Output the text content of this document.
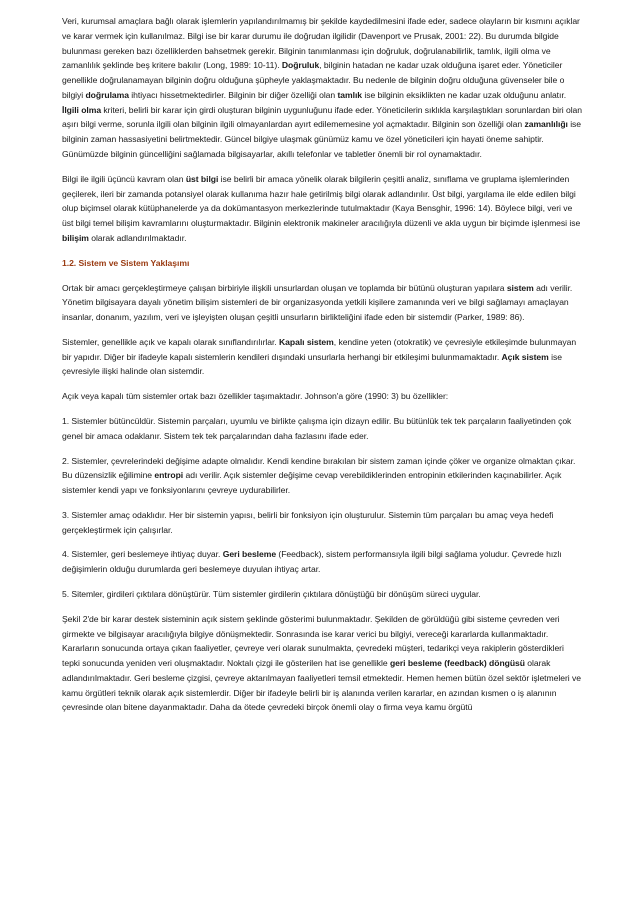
Veri, kurumsal amaçlara bağlı olarak işlemlerin yapılandırılmamış bir şekilde kaydedilmesini ifade eder, sadece olayların bir kısmını açıklar ve karar vermek için kullanılmaz. Bilgi ise bir karar durumu ile doğrudan ilgilidir (Davenport ve Prusak, 2001: 22). Bu durumda bilgide bulunması gereken bazı özelliklerden bahsetmek gerekir. Bilginin tanımlanması için doğruluk, doğrulanabilirlik, tamlık, ilgili olma ve zamanlılık şeklinde beş kritere bakılır (Long, 1989: 10-11). Doğruluk, bilginin hatadan ne kadar uzak olduğuna işaret eder. Yöneticiler genellikle doğrulanamayan bilginin doğru olduğuna şüpheyle yaklaşmaktadır. Bu nedenle de bilginin doğru olduğuna güvenseler bile o bilgiyi doğrulama ihtiyacı hissetmektedirler. Bilginin bir diğer özelliği olan tamlık ise bilginin eksiklikten ne kadar uzak olduğunu anlatır. İlgili olma kriteri, belirli bir karar için girdi oluşturan bilginin uygunluğunu ifade eder. Yöneticilerin sıklıkla karşılaştıkları sorunlardan biri olan aşırı bilgi verme, sorunla ilgili olan bilginin ilgili olmayanlardan ayırt edilememesine yol açmaktadır. Bilginin son özelliği olan zamanlılığı ise bilginin zaman hassasiyetini belirtmektedir. Güncel bilgiye ulaşmak günümüz kamu ve özel yöneticileri için hayati öneme sahiptir. Günümüzde bilginin güncelliğini sağlamada bilgisayarlar, akıllı telefonlar ve tabletler önemli bir rol oynamaktadır.

Bilgi ile ilgili üçüncü kavram olan üst bilgi ise belirli bir amaca yönelik olarak bilgilerin çeşitli analiz, sınıflama ve gruplama işlemlerinden geçilerek, ileri bir zamanda potansiyel olarak kullanıma hazır hale getirilmiş bilgi olarak adlandırılır. Üst bilgi, yargılama ile elde edilen bilgi olup biçimsel olarak kütüphanelerde ya da dokümantasyon merkezlerinde tutulmaktadır (Kaya Bensghir, 1996: 14). Böylece bilgi, veri ve üst bilgi temel bilişim kavramlarını oluşturmaktadır. Bilginin elektronik makineler aracılığıyla düzenli ve akla uygun bir biçimde işlenmesi ise bilişim olarak adlandırılmaktadır.

1.2. Sistem ve Sistem Yaklaşımı

Ortak bir amacı gerçekleştirmeye çalışan birbiriyle ilişkili unsurlardan oluşan ve toplamda bir bütünü oluşturan yapılara sistem adı verilir. Yönetim bilgisayara dayalı yönetim bilişim sistemleri de bir organizasyonda yetkili kişilere zamanında veri ve bilgi sağlamayı amaçlayan insanlar, donanım, yazılım, veri ve işleyişten oluşan çeşitli unsurların birlikteliğini ifade eden bir sistemdir (Parker, 1989: 86).

Sistemler, genellikle açık ve kapalı olarak sınıflandırılırlar. Kapalı sistem, kendine yeten (otokratik) ve çevresiyle etkileşimde bulunmayan bir yapıdır. Diğer bir ifadeyle kapalı sistemlerin kendileri dışındaki unsurlarla herhangi bir etkileşimi bulunmamaktadır. Açık sistem ise çevresiyle ilişki halinde olan sistemdir.

Açık veya kapalı tüm sistemler ortak bazı özellikler taşımaktadır. Johnson'a göre (1990: 3) bu özellikler:

1. Sistemler bütüncüldür. Sistemin parçaları, uyumlu ve birlikte çalışma için dizayn edilir. Bu bütünlük tek tek parçaların faaliyetinden çok genel bir amaca odaklanır. Sistem tek tek parçalarından daha fazlasını ifade eder.

2. Sistemler, çevrelerindeki değişime adapte olmalıdır. Kendi kendine bırakılan bir sistem zaman içinde çöker ve organize olmaktan çıkar. Bu düzensizlik eğilimine entropi adı verilir. Açık sistemler değişime cevap verebildiklerinden entropinin etkilerinden kaçınabilirler. Açık sistemler kendi yapı ve fonksiyonlarını çevreye uydurabilirler.

3. Sistemler amaç odaklıdır. Her bir sistemin yapısı, belirli bir fonksiyon için oluşturulur. Sistemin tüm parçaları bu amaç veya hedefi gerçekleştirmek için çalışırlar.

4. Sistemler, geri beslemeye ihtiyaç duyar. Geri besleme (Feedback), sistem performansıyla ilgili bilgi sağlama yoludur. Çevrede hızlı değişimlerin olduğu durumlarda geri beslemeye duyulan ihtiyaç artar.

5. Sitemler, girdileri çıktılara dönüştürür. Tüm sistemler girdilerin çıktılara dönüştüğü bir dönüşüm süreci uygular.

Şekil 2'de bir karar destek sisteminin açık sistem şeklinde gösterimi bulunmaktadır. Şekilden de görüldüğü gibi sisteme çevreden veri girmekte ve bilgisayar aracılığıyla bilgiye dönüşmektedir. Sonrasında ise karar verici bu bilgiyi, vereceği kararlarda kullanmaktadır. Kararların sonucunda ortaya çıkan faaliyetler, çevreye veri olarak sunulmakta, çevredeki müşteri, tedarikçi veya rakiplerin gösterdikleri tepki sonucunda yeniden veri oluşmaktadır. Noktalı çizgi ile gösterilen hat ise genellikle geri besleme (feedback) döngüsü olarak adlandırılmaktadır. Geri besleme çizgisi, çevreye aktarılmayan faaliyetleri temsil etmektedir. Hemen hemen bütün özel sektör işletmeleri ve kamu örgütleri teknik olarak açık sistemlerdir. Diğer bir ifadeyle belirli bir iş alanında verilen kararlar, en azından kısmen o iş alanının çevresinde olan bitene dayanmaktadır. Daha da ötede çevredeki birçok önemli olay o firma veya kamu örgütü
